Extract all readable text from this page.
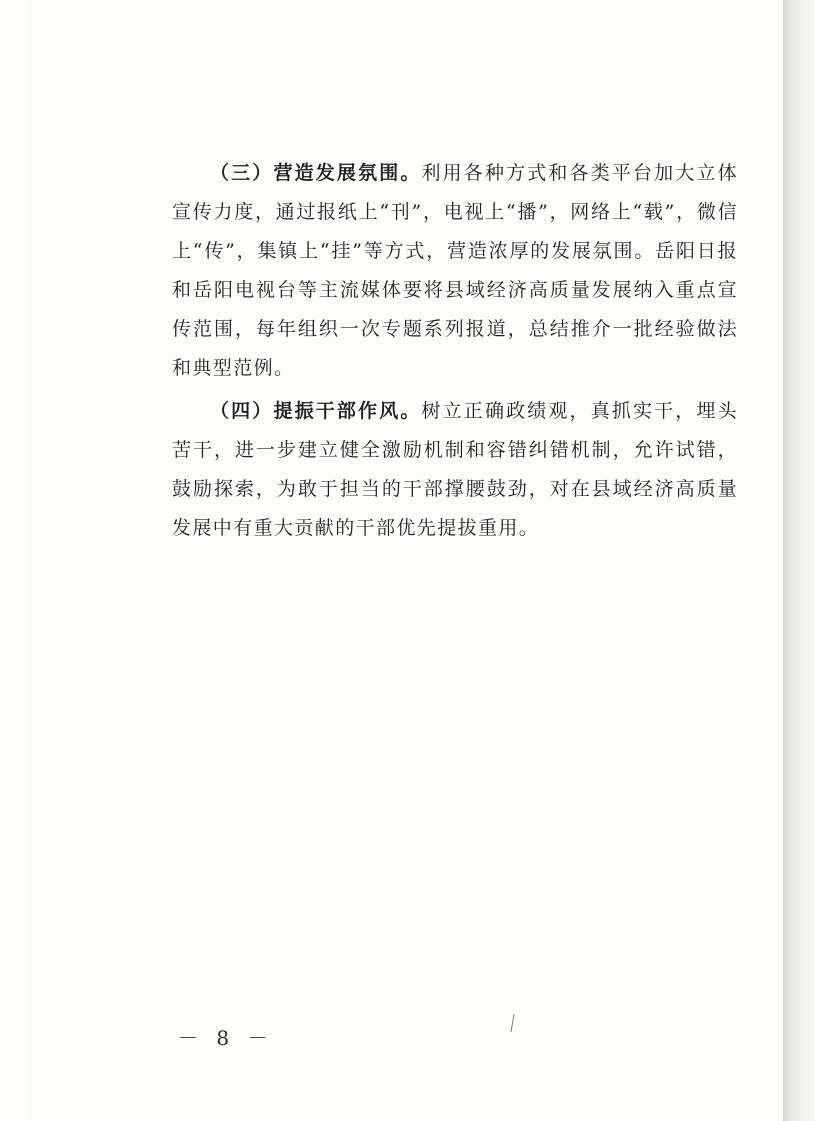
（三）营造发展氛围。利用各种方式和各类平台加大立体宣传力度，通过报纸上“刊”，电视上“播”，网络上“载”，微信上“传”，集镇上“挂”等方式，营造浓厚的发展氛围。岳阳日报和岳阳电视台等主流媒体要将县域经济高质量发展纳入重点宣传范围，每年组织一次专题系列报道，总结推介一批经验做法和典型范例。

（四）提振干部作风。树立正确政绩观，真抓实干，埋头苦干，进一步建立健全激励机制和容错纠错机制，允许试错，鼓励探索，为敢于担当的干部撑腰鼓劲，对在县域经济高质量发展中有重大贡献的干部优先提拔重用。

－ 8 －
